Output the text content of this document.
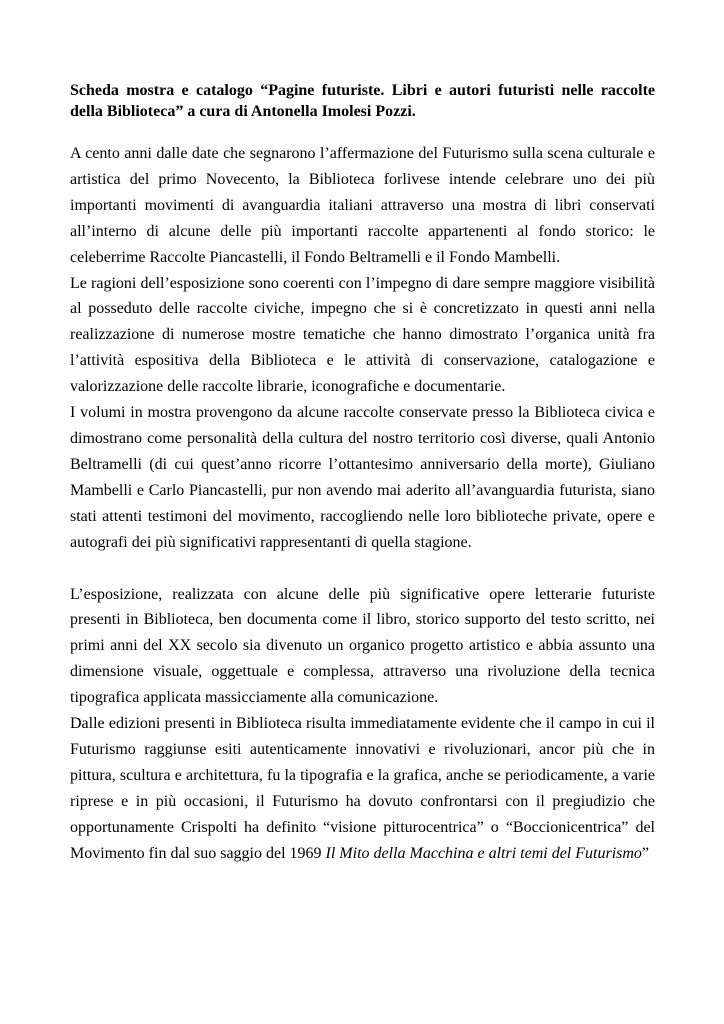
Scheda mostra e catalogo “Pagine futuriste. Libri e autori futuristi nelle raccolte della Biblioteca” a cura di Antonella Imolesi Pozzi.

A cento anni dalle date che segnarono l’affermazione del Futurismo sulla scena culturale e artistica del primo Novecento, la Biblioteca forlivese intende celebrare uno dei più importanti movimenti di avanguardia italiani attraverso una mostra di libri conservati all’interno di alcune delle più importanti raccolte appartenenti al fondo storico: le celeberrime Raccolte Piancastelli, il Fondo Beltramelli e il Fondo Mambelli.

Le ragioni dell’esposizione sono coerenti con l’impegno di dare sempre maggiore visibilità al posseduto delle raccolte civiche, impegno che si è concretizzato in questi anni nella realizzazione di numerose mostre tematiche che hanno dimostrato l’organica unità fra l’attività espositiva della Biblioteca e le attività di conservazione, catalogazione e valorizzazione delle raccolte librarie, iconografiche e documentarie.

I volumi in mostra provengono da alcune raccolte conservate presso la Biblioteca civica e dimostrano come personalità della cultura del nostro territorio così diverse, quali Antonio Beltramelli (di cui quest’anno ricorre l’ottantesimo anniversario della morte), Giuliano Mambelli e Carlo Piancastelli, pur non avendo mai aderito all’avanguardia futurista, siano stati attenti testimoni del movimento, raccogliendo nelle loro biblioteche private, opere e autografi dei più significativi rappresentanti di quella stagione.

L’esposizione, realizzata con alcune delle più significative opere letterarie futuriste presenti in Biblioteca, ben documenta come il libro, storico supporto del testo scritto, nei primi anni del XX secolo sia divenuto un organico progetto artistico e abbia assunto una dimensione visuale, oggettuale e complessa, attraverso una rivoluzione della tecnica tipografica applicata massicciamente alla comunicazione.

Dalle edizioni presenti in Biblioteca risulta immediatamente evidente che il campo in cui il Futurismo raggiunse esiti autenticamente innovativi e rivoluzionari, ancor più che in pittura, scultura e architettura, fu la tipografia e la grafica, anche se periodicamente, a varie riprese e in più occasioni, il Futurismo ha dovuto confrontarsi con il pregiudizio che opportunamente Crispolti ha definito “visione pitturocentrica” o “Boccionicentrica” del Movimento fin dal suo saggio del 1969 Il Mito della Macchina e altri temi del Futurismo”
